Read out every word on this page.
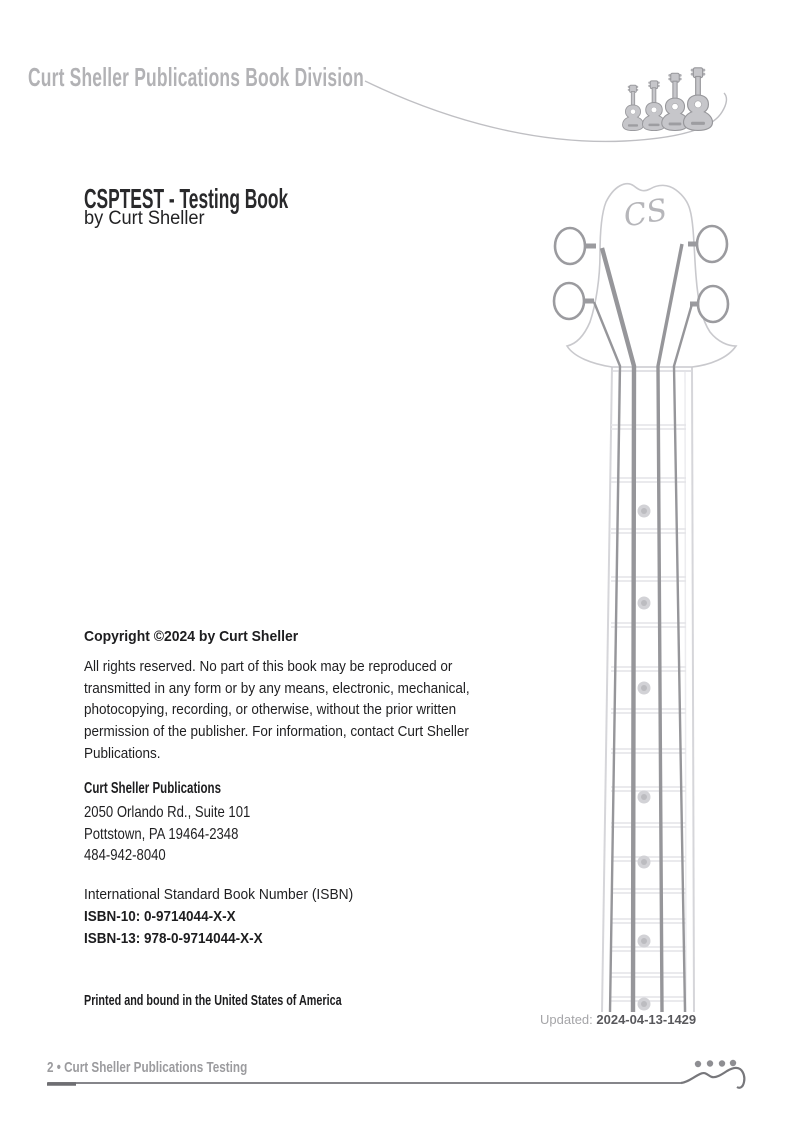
CS
Curt Sheller Publications Book Division
CSPTEST - Testing Book
by Curt Sheller
Copyright ©2024 by Curt Sheller
All rights reserved. No part of this book may be reproduced or
transmitted in any form or by any means, electronic, mechanical,
photocopying, recording, or otherwise, without the prior written
permission of the publisher. For information, contact Curt Sheller
Publications.
Curt Sheller Publications
2050 Orlando Rd., Suite 101
Pottstown, PA 19464-2348
484-942-8040
International Standard Book Number (ISBN)
ISBN-10: 0-9714044-X-X
ISBN-13: 978-0-9714044-X-X
Printed and bound in the United States of America
Updated: 2024-04-13-1429
2 • Curt Sheller Publications Testing
